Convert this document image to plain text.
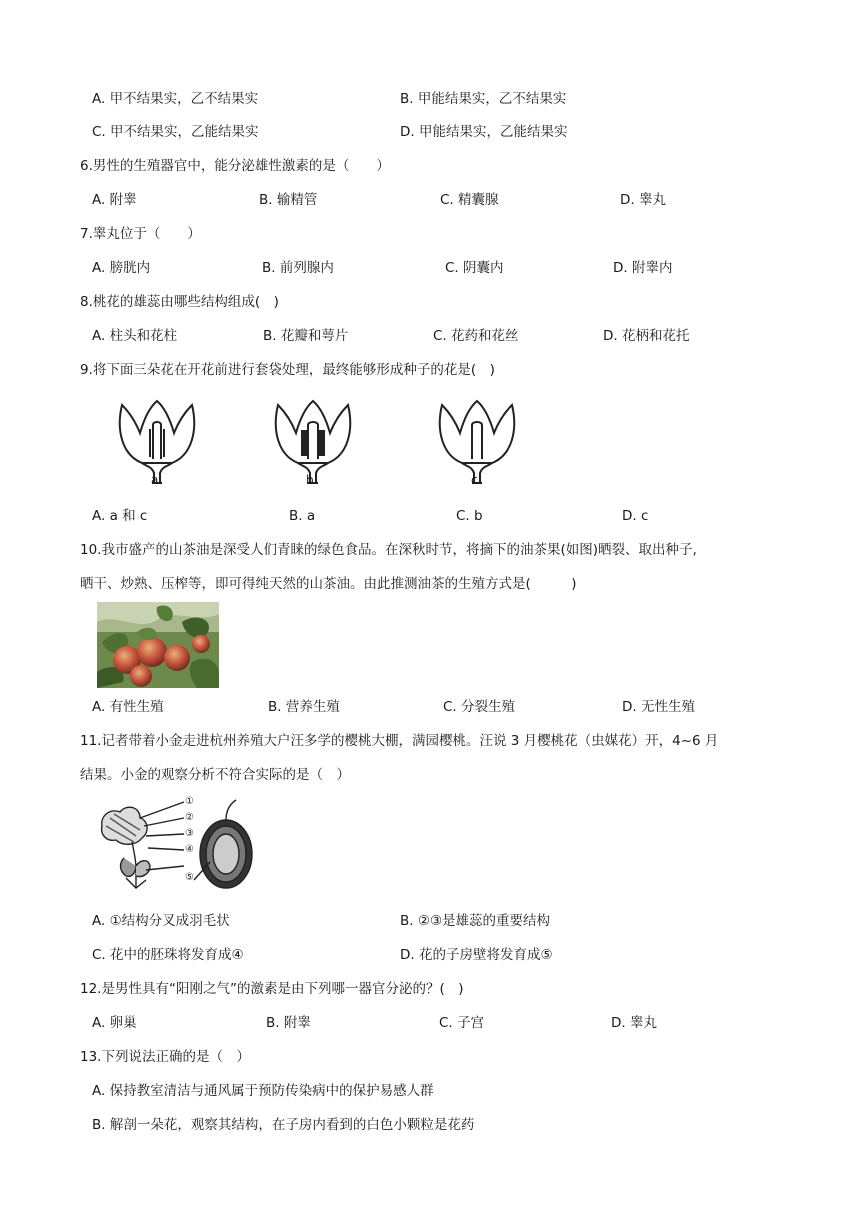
A. 甲不结果实，乙不结果实	B. 甲能结果实，乙不结果实
C. 甲不结果实，乙能结果实	D. 甲能结果实，乙能结果实
6.男性的生殖器官中，能分泌雄性激素的是（　　）
A. 附睾	B. 输精管	C. 精囊腺	D. 睾丸
7.睾丸位于（　　）
A. 膀胱内	B. 前列腺内	C. 阴囊内	D. 附睾内
8.桃花的雄蕊由哪些结构组成(　)
A. 柱头和花柱	B. 花瓣和萼片	C. 花药和花丝	D. 花柄和花托
9.将下面三朵花在开花前进行套袋处理，最终能够形成种子的花是(　)
a	b	c
A. a 和 c	B. a	C. b	D. c
10.我市盛产的山茶油是深受人们青睐的绿色食品。在深秋时节，将摘下的油茶果(如图)晒裂、取出种子,
晒干、炒熟、压榨等，即可得纯天然的山茶油。由此推测油茶的生殖方式是(　　　)
A. 有性生殖	B. 营养生殖	C. 分裂生殖	D. 无性生殖
11.记者带着小金走进杭州养殖大户汪多学的樱桃大棚，满园樱桃。汪说 3 月樱桃花（虫媒花）开，4~6 月
结果。小金的观察分析不符合实际的是（　）
①
②
③
④
⑤
A. ①结构分叉成羽毛状	B. ②③是雄蕊的重要结构
C. 花中的胚珠将发育成④	D. 花的子房壁将发育成⑤
12.是男性具有“阳刚之气”的激素是由下列哪一器官分泌的？(　)
A. 卵巢	B. 附睾	C. 子宫	D. 睾丸
13.下列说法正确的是（　）
A. 保持教室清洁与通风属于预防传染病中的保护易感人群
B. 解剖一朵花，观察其结构，在子房内看到的白色小颗粒是花药
